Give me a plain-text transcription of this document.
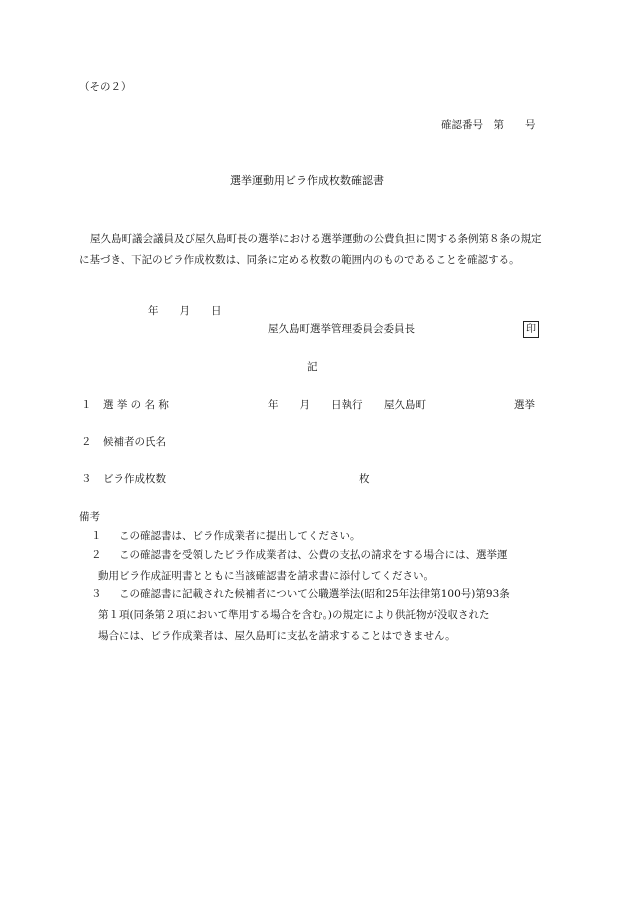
（その２）
確認番号　第　　号
選挙運動用ビラ作成枚数確認書
屋久島町議会議員及び屋久島町長の選挙における選挙運動の公費負担に関する条例第８条の規定に基づき、下記のビラ作成枚数は、同条に定める枚数の範囲内のものであることを確認する。
年　　月　　日
屋久島町選挙管理委員会委員長	印
記
１ 選 挙 の 名 称	年　　月　　日執行 屋久島町	選挙
２ 候補者の氏名
３ ビラ作成枚数	枚
備考
１ この確認書は、ビラ作成業者に提出してください。
２ この確認書を受領したビラ作成業者は、公費の支払の請求をする場合には、選挙運
動用ビラ作成証明書とともに当該確認書を請求書に添付してください。
３ この確認書に記載された候補者について公職選挙法(昭和25年法律第100号)第93条
第１項(同条第２項において準用する場合を含む。)の規定により供託物が没収された
場合には、ビラ作成業者は、屋久島町に支払を請求することはできません。
